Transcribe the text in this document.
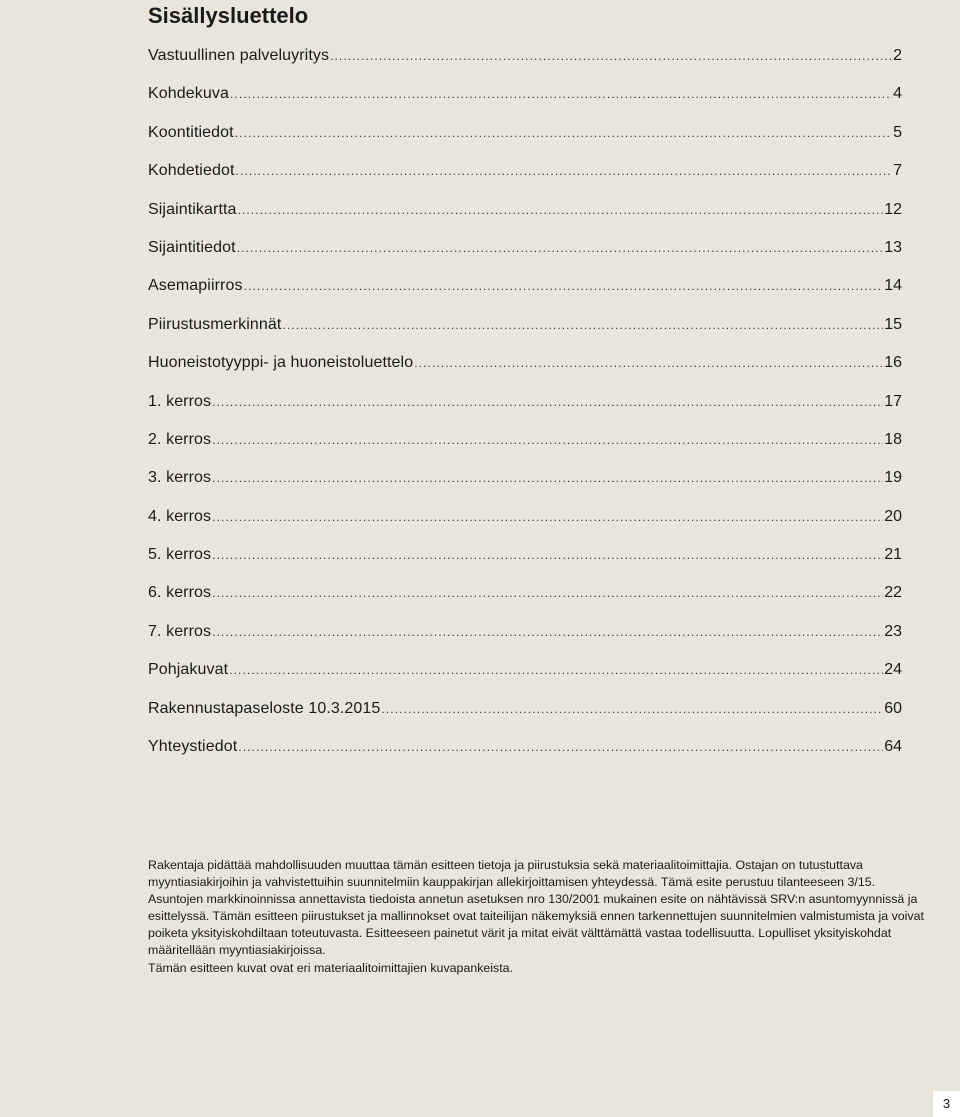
Sisällysluettelo
Vastuullinen palveluyritys .....	2
Kohdekuva .....	4
Koontitiedot .....	5
Kohdetiedot .....	7
Sijaintikartta .....	12
Sijaintitiedot .....	13
Asemapiirros .....	14
Piirustusmerkinnät .....	15
Huoneistotyyppi- ja huoneistoluettelo .....	16
1. kerros .....	17
2. kerros .....	18
3. kerros .....	19
4. kerros .....	20
5. kerros .....	21
6. kerros .....	22
7. kerros .....	23
Pohjakuvat .....	24
Rakennustapaseloste 10.3.2015 .....	60
Yhteystiedot .....	64
Rakentaja pidättää mahdollisuuden muuttaa tämän esitteen tietoja ja piirustuksia sekä materiaalitoimittajia. Ostajan on tutustuttava myyntiasiakirjoihin ja vahvistettuihin suunnitelmiin kauppakirjan allekirjoittamisen yhteydessä. Tämä esite perustuu tilanteeseen 3/15. Asuntojen markkinoinnissa annettavista tiedoista annetun asetuksen nro 130/2001 mukainen esite on nähtävissä SRV:n asuntomyynnissä ja esittelyssä. Tämän esitteen piirustukset ja mallinnokset ovat taiteilijan näkemyksiä ennen tarkennettujen suunnitelmien valmistumista ja voivat poiketa yksityiskohdiltaan toteutuvasta. Esitteeseen painetut värit ja mitat eivät välttämättä vastaa todellisuutta. Lopulliset yksityiskohdat määritellään myyntiasiakirjoissa.
Tämän esitteen kuvat ovat eri materiaalitoimittajien kuvapankeista.
3
